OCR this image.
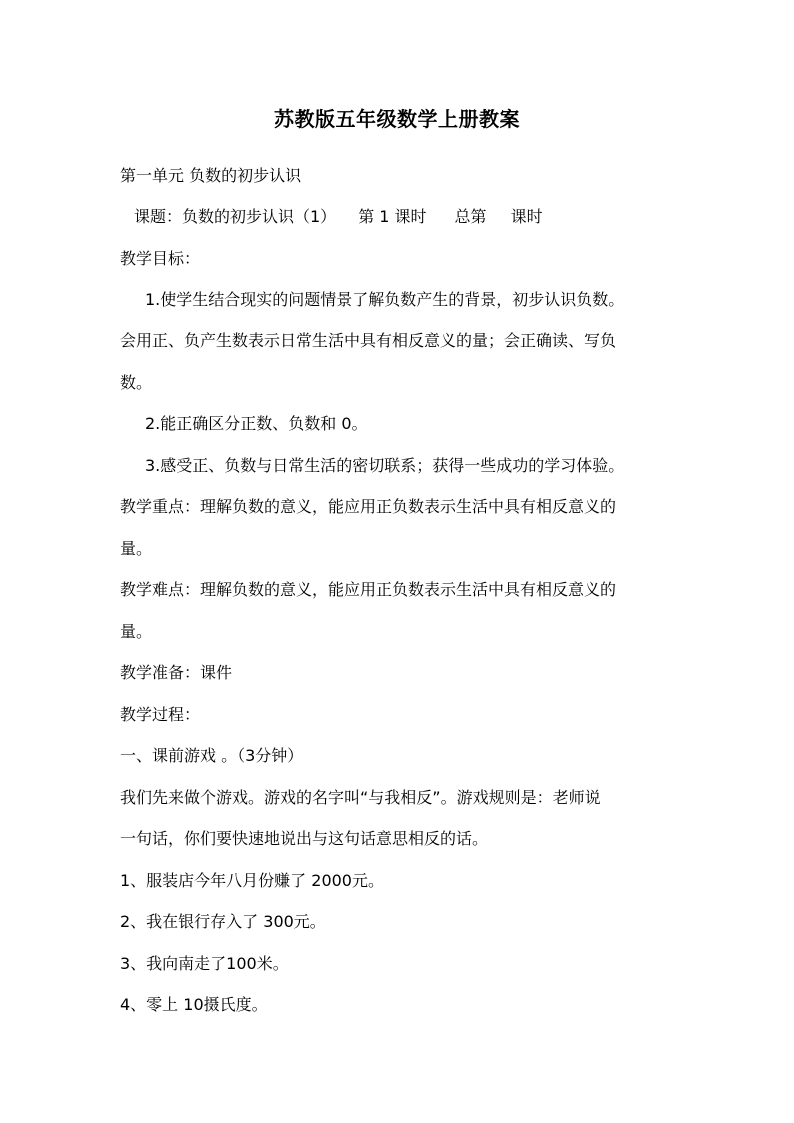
苏教版五年级数学上册教案
第一单元 负数的初步认识
课题：负数的初步认识（1） 第 1 课时 总第 课时
教学目标：
1.使学生结合现实的问题情景了解负数产生的背景，初步认识负数。
会用正、负产生数表示日常生活中具有相反意义的量；会正确读、写负
数。
2.能正确区分正数、负数和 0。
3.感受正、负数与日常生活的密切联系；获得一些成功的学习体验。
教学重点：理解负数的意义，能应用正负数表示生活中具有相反意义的
量。
教学难点：理解负数的意义，能应用正负数表示生活中具有相反意义的
量。
教学准备：课件
教学过程：
一、课前游戏 。（3分钟）
我们先来做个游戏。游戏的名字叫“与我相反”。游戏规则是：老师说
一句话，你们要快速地说出与这句话意思相反的话。
1、服装店今年八月份赚了 2000元。
2、我在银行存入了 300元。
3、我向南走了100米。
4、零上 10摄氏度。
